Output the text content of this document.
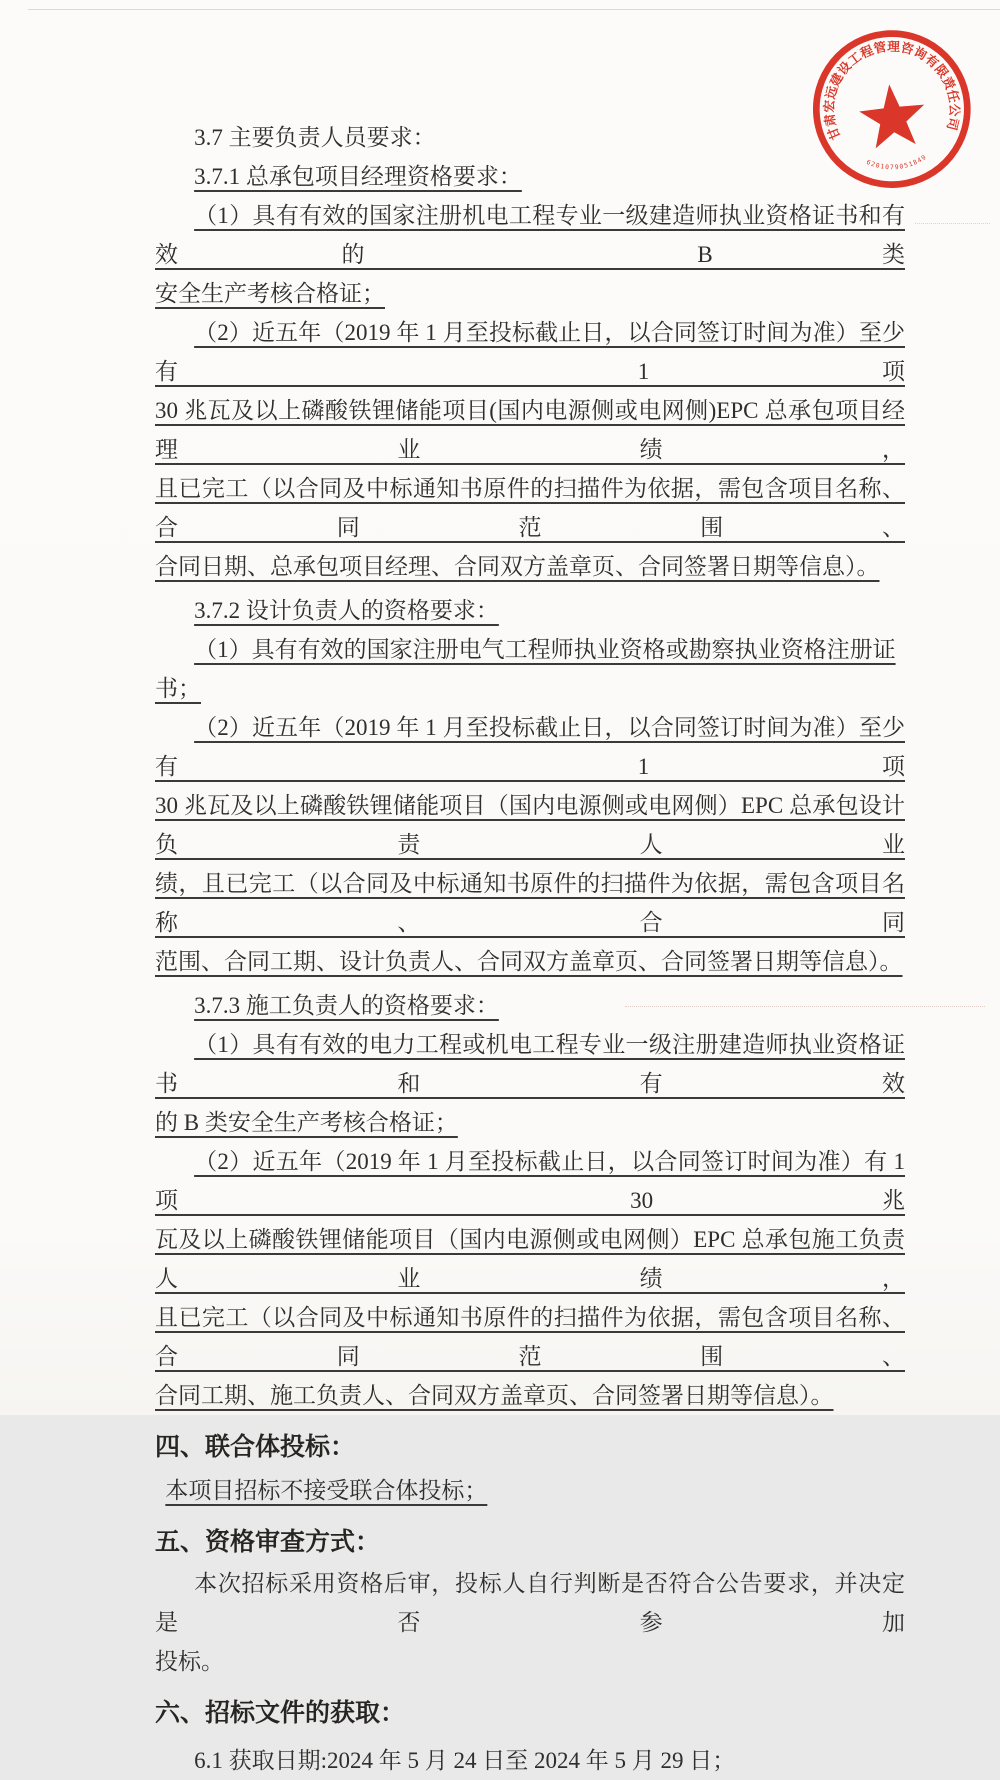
甘肃宏远建设工程管理咨询有限责任公司
6201079051849

3.7 主要负责人员要求：

3.7.1 总承包项目经理资格要求：

（1）具有有效的国家注册机电工程专业一级建造师执业资格证书和有效的 B 类

安全生产考核合格证；

（2）近五年（2019 年 1 月至投标截止日，以合同签订时间为准）至少有 1 项

30 兆瓦及以上磷酸铁锂储能项目(国内电源侧或电网侧)EPC 总承包项目经理业绩，

且已完工（以合同及中标通知书原件的扫描件为依据，需包含项目名称、合同范围、

合同日期、总承包项目经理、合同双方盖章页、合同签署日期等信息）。

3.7.2 设计负责人的资格要求：

（1）具有有效的国家注册电气工程师执业资格或勘察执业资格注册证书；

（2）近五年（2019 年 1 月至投标截止日，以合同签订时间为准）至少有 1 项

30 兆瓦及以上磷酸铁锂储能项目（国内电源侧或电网侧）EPC 总承包设计负责人业

绩，且已完工（以合同及中标通知书原件的扫描件为依据，需包含项目名称、合同

范围、合同工期、设计负责人、合同双方盖章页、合同签署日期等信息）。

3.7.3 施工负责人的资格要求：

（1）具有有效的电力工程或机电工程专业一级注册建造师执业资格证书和有效

的 B 类安全生产考核合格证；

（2）近五年（2019 年 1 月至投标截止日，以合同签订时间为准）有 1 项 30 兆

瓦及以上磷酸铁锂储能项目（国内电源侧或电网侧）EPC 总承包施工负责人业绩，

且已完工（以合同及中标通知书原件的扫描件为依据，需包含项目名称、合同范围、

合同工期、施工负责人、合同双方盖章页、合同签署日期等信息）。

四、联合体投标：

本项目招标不接受联合体投标；

五、资格审查方式：

本次招标采用资格后审，投标人自行判断是否符合公告要求，并决定是否参加

投标。

六、招标文件的获取：

6.1 获取日期:2024 年 5 月 24 日至 2024 年 5 月 29 日；
